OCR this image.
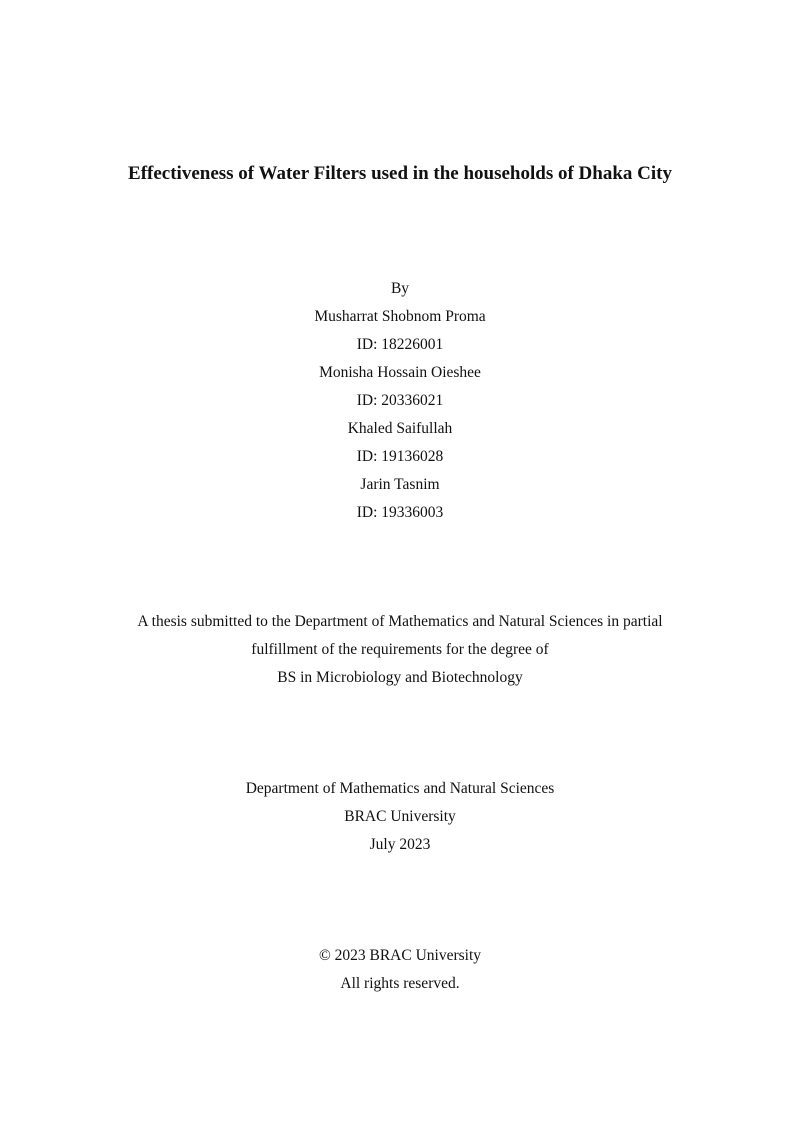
Effectiveness of Water Filters used in the households of Dhaka City
By
Musharrat Shobnom Proma
ID: 18226001
Monisha Hossain Oieshee
ID: 20336021
Khaled Saifullah
ID: 19136028
Jarin Tasnim
ID: 19336003
A thesis submitted to the Department of Mathematics and Natural Sciences in partial
fulfillment of the requirements for the degree of
BS in Microbiology and Biotechnology
Department of Mathematics and Natural Sciences
BRAC University
July 2023
© 2023 BRAC University
All rights reserved.
